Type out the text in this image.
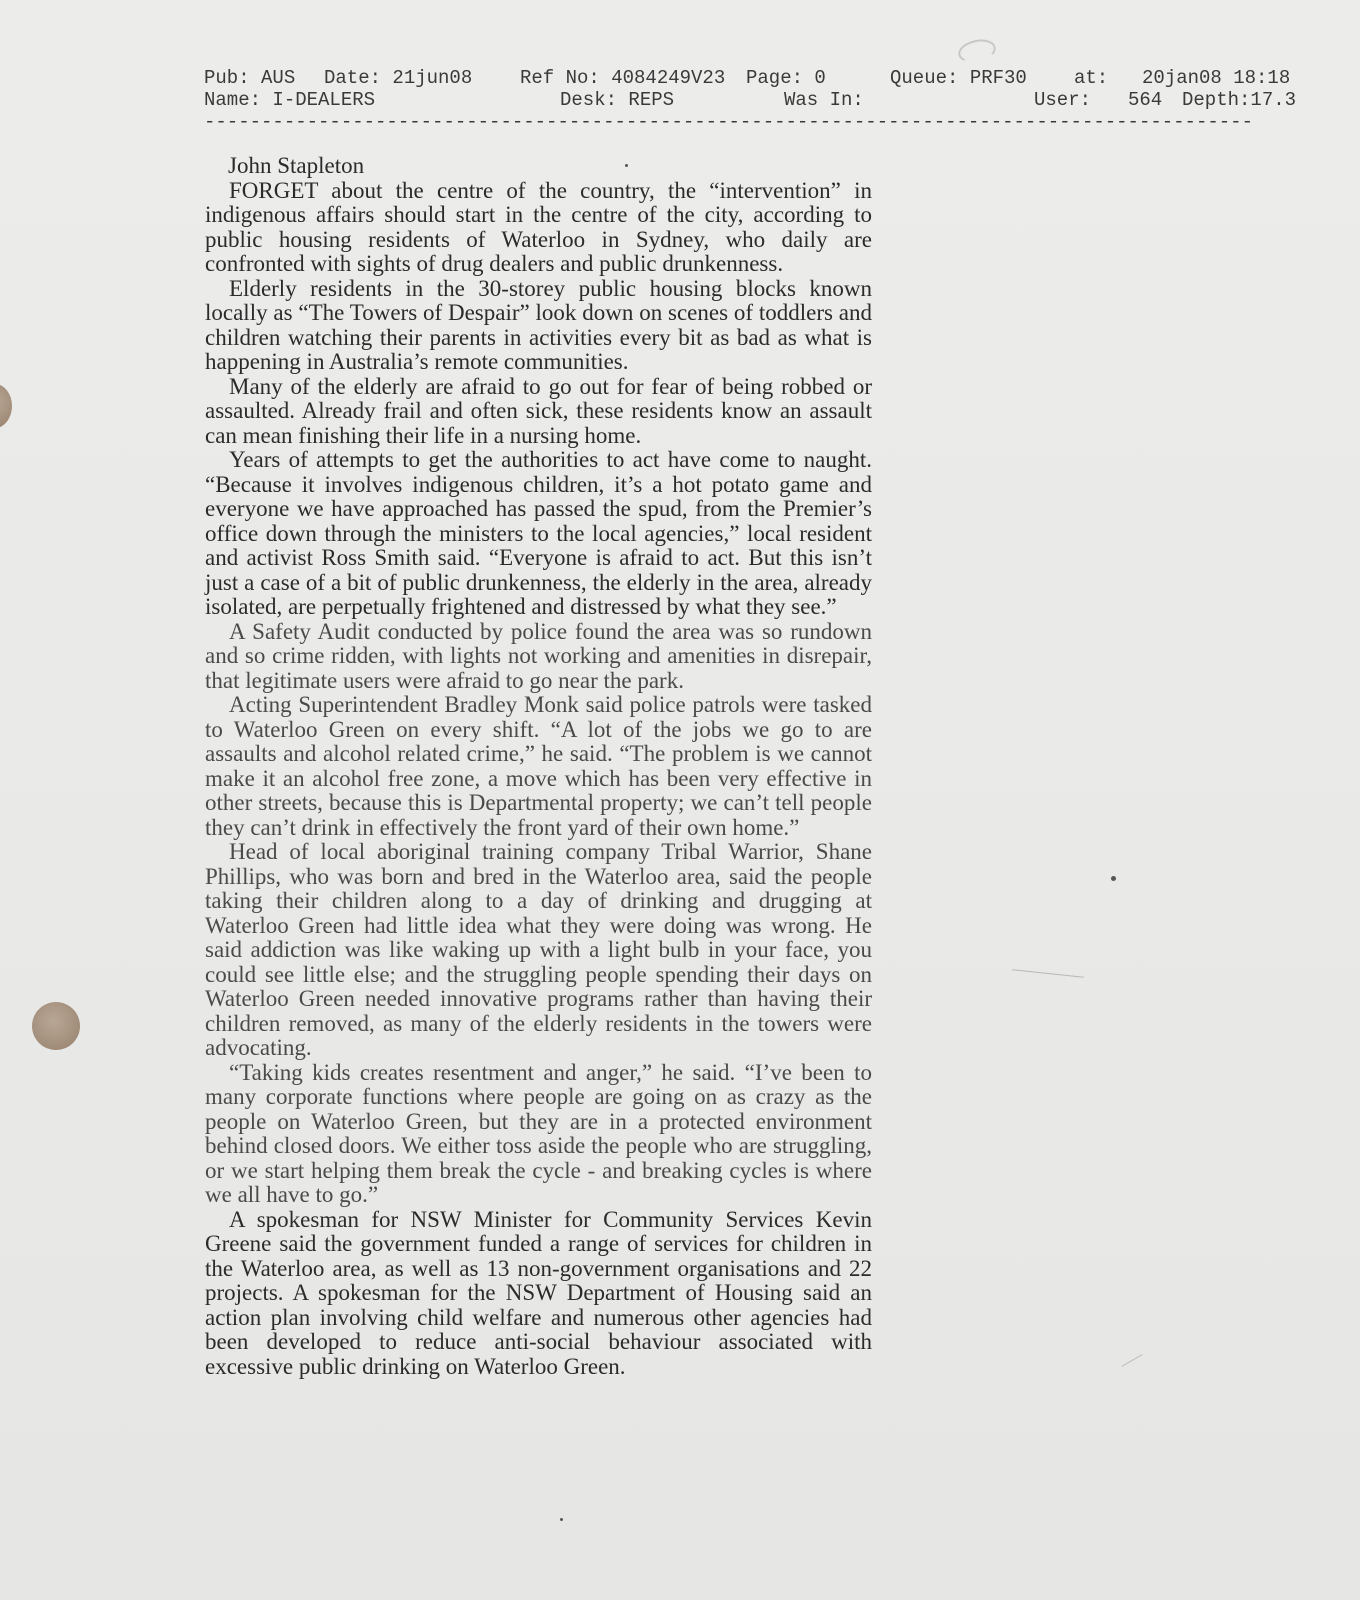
Pub: AUS Date: 21jun08	Ref No: 4084249V23 Page: 0	Queue: PRF30 at: 20jan08 18:18
Name: I-DEALERS	Desk: REPS	Was In:	User: 564 Depth:17.3
--------------------------------------------------------------------------------------------
John Stapleton

FORGET about the centre of the country, the “intervention” in indigenous affairs should start in the centre of the city, according to public housing residents of Waterloo in Sydney, who daily are confronted with sights of drug dealers and public drunkenness.

Elderly residents in the 30-storey public housing blocks known locally as “The Towers of Despair” look down on scenes of toddlers and children watching their parents in activities every bit as bad as what is happening in Australia’s remote communities.

Many of the elderly are afraid to go out for fear of being robbed or assaulted. Already frail and often sick, these residents know an assault can mean finishing their life in a nursing home.

Years of attempts to get the authorities to act have come to naught. “Because it involves indigenous children, it’s a hot potato game and everyone we have approached has passed the spud, from the Premier’s office down through the ministers to the local agencies,” local resident and activist Ross Smith said. “Everyone is afraid to act. But this isn’t just a case of a bit of public drunkenness, the elderly in the area, already isolated, are perpetually frightened and distressed by what they see.”

A Safety Audit conducted by police found the area was so rundown and so crime ridden, with lights not working and amenities in disrepair, that legitimate users were afraid to go near the park.

Acting Superintendent Bradley Monk said police patrols were tasked to Waterloo Green on every shift. “A lot of the jobs we go to are assaults and alcohol related crime,” he said. “The problem is we cannot make it an alcohol free zone, a move which has been very effective in other streets, because this is Departmental property; we can’t tell people they can’t drink in effectively the front yard of their own home.”

Head of local aboriginal training company Tribal Warrior, Shane Phillips, who was born and bred in the Waterloo area, said the people taking their children along to a day of drinking and drugging at Waterloo Green had little idea what they were doing was wrong. He said addiction was like waking up with a light bulb in your face, you could see little else; and the struggling people spending their days on Waterloo Green needed innovative programs rather than having their children removed, as many of the elderly residents in the towers were advocating.

“Taking kids creates resentment and anger,” he said. “I’ve been to many corporate functions where people are going on as crazy as the people on Waterloo Green, but they are in a protected environment behind closed doors. We either toss aside the people who are struggling, or we start helping them break the cycle - and breaking cycles is where we all have to go.”

A spokesman for NSW Minister for Community Services Kevin Greene said the government funded a range of services for children in the Waterloo area, as well as 13 non-government organisations and 22 projects. A spokesman for the NSW Department of Housing said an action plan involving child welfare and numerous other agencies had been developed to reduce anti-social behaviour associated with excessive public drinking on Waterloo Green.
